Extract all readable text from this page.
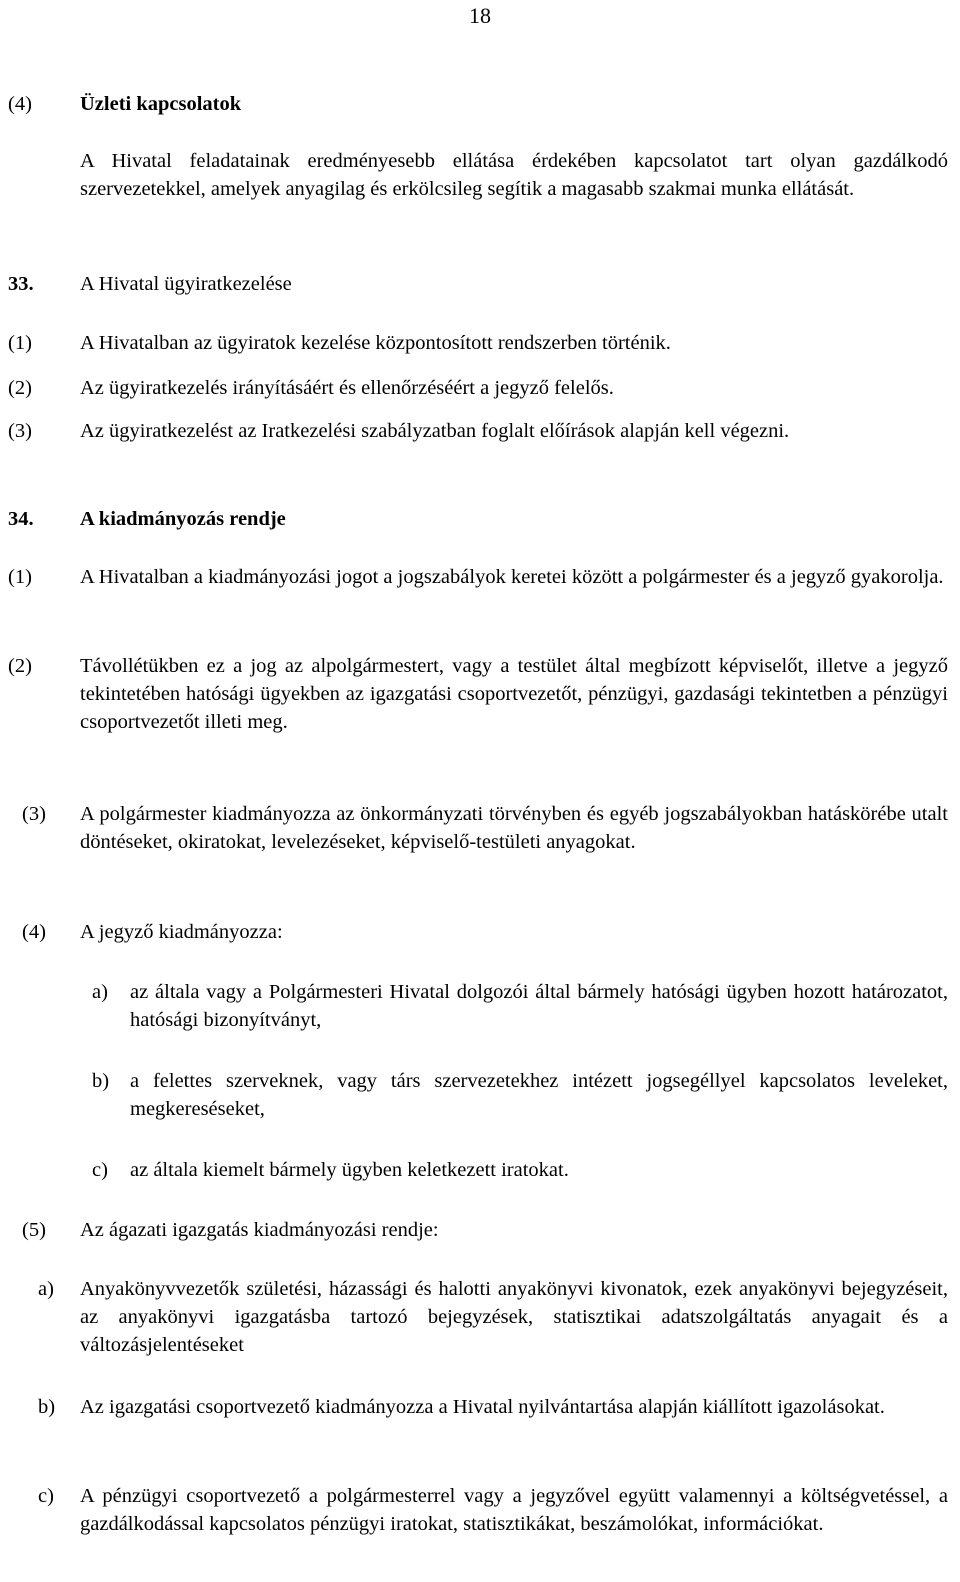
18
(4) Üzleti kapcsolatok
A Hivatal feladatainak eredményesebb ellátása érdekében kapcsolatot tart olyan gazdálkodó szervezetekkel, amelyek anyagilag és erkölcsileg segítik a magasabb szakmai munka ellátását.
33. A Hivatal ügyiratkezelése
(1) A Hivatalban az ügyiratok kezelése központosított rendszerben történik.
(2) Az ügyiratkezelés irányításáért és ellenőrzéséért a jegyző felelős.
(3) Az ügyiratkezelést az Iratkezelési szabályzatban foglalt előírások alapján kell végezni.
34. A kiadmányozás rendje
(1) A Hivatalban a kiadmányozási jogot a jogszabályok keretei között a polgármester és a jegyző gyakorolja.
(2) Távollétükben ez a jog az alpolgármestert, vagy a testület által megbízott képviselőt, illetve a jegyző tekintetében hatósági ügyekben az igazgatási csoportvezetőt, pénzügyi, gazdasági tekintetben a pénzügyi csoportvezetőt illeti meg.
(3) A polgármester kiadmányozza az önkormányzati törvényben és egyéb jogszabályokban hatáskörébe utalt döntéseket, okiratokat, levelezéseket, képviselő-testületi anyagokat.
(4) A jegyző kiadmányozza:
a) az általa vagy a Polgármesteri Hivatal dolgozói által bármely hatósági ügyben hozott határozatot, hatósági bizonyítványt,
b) a felettes szerveknek, vagy társ szervezetekhez intézett jogsegéllyel kapcsolatos leveleket, megkereséseket,
c) az általa kiemelt bármely ügyben keletkezett iratokat.
(5) Az ágazati igazgatás kiadmányozási rendje:
a) Anyakönyvvezetők születési, házassági és halotti anyakönyvi kivonatok, ezek anyakönyvi bejegyzéseit, az anyakönyvi igazgatásba tartozó bejegyzések, statisztikai adatszolgáltatás anyagait és a változásjelentéseket
b) Az igazgatási csoportvezető kiadmányozza a Hivatal nyilvántartása alapján kiállított igazolásokat.
c) A pénzügyi csoportvezető a polgármesterrel vagy a jegyzővel együtt valamennyi a költségvetéssel, a gazdálkodással kapcsolatos pénzügyi iratokat, statisztikákat, beszámolókat, információkat.
